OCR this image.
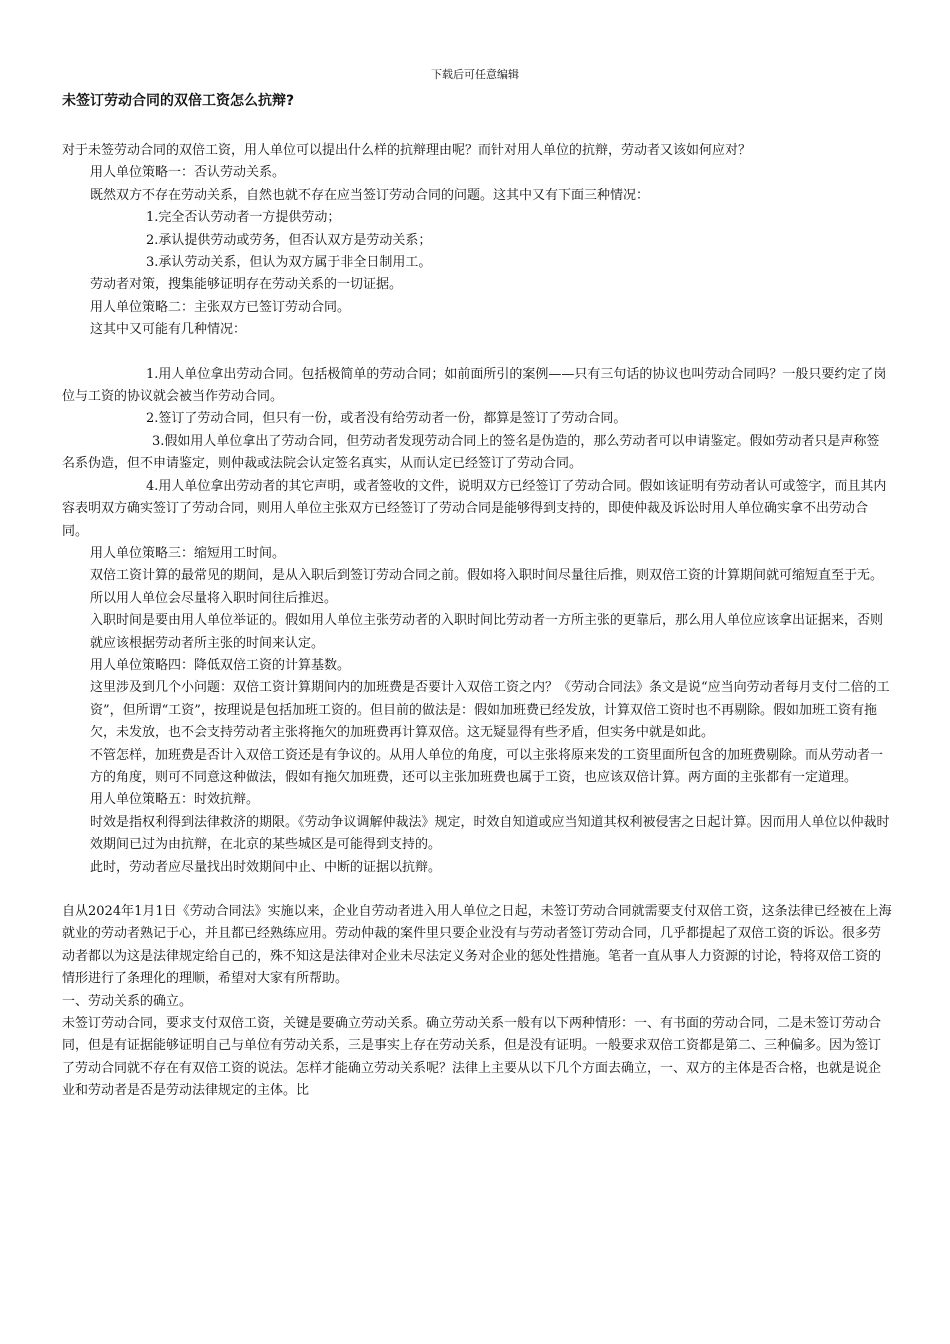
下载后可任意编辑
未签订劳动合同的双倍工资怎么抗辩?

对于未签劳动合同的双倍工资，用人单位可以提出什么样的抗辩理由呢？而针对用人单位的抗辩，劳动者又该如何应对？

用人单位策略一：否认劳动关系。

既然双方不存在劳动关系，自然也就不存在应当签订劳动合同的问题。这其中又有下面三种情况：

1.完全否认劳动者一方提供劳动；

2.承认提供劳动或劳务，但否认双方是劳动关系；

3.承认劳动关系，但认为双方属于非全日制用工。

劳动者对策，搜集能够证明存在劳动关系的一切证据。

用人单位策略二：主张双方已签订劳动合同。

这其中又可能有几种情况：

1.用人单位拿出劳动合同。包括极简单的劳动合同；如前面所引的案例——只有三句话的协议也叫劳动合同吗？一般只要约定了岗位与工资的协议就会被当作劳动合同。

2.签订了劳动合同，但只有一份，或者没有给劳动者一份，都算是签订了劳动合同。

3.假如用人单位拿出了劳动合同，但劳动者发现劳动合同上的签名是伪造的，那么劳动者可以申请鉴定。假如劳动者只是声称签名系伪造，但不申请鉴定，则仲裁或法院会认定签名真实，从而认定已经签订了劳动合同。

4.用人单位拿出劳动者的其它声明，或者签收的文件，说明双方已经签订了劳动合同。假如该证明有劳动者认可或签字，而且其内容表明双方确实签订了劳动合同，则用人单位主张双方已经签订了劳动合同是能够得到支持的，即使仲裁及诉讼时用人单位确实拿不出劳动合同。

用人单位策略三：缩短用工时间。

双倍工资计算的最常见的期间，是从入职后到签订劳动合同之前。假如将入职时间尽量往后推，则双倍工资的计算期间就可缩短直至于无。所以用人单位会尽量将入职时间往后推迟。

入职时间是要由用人单位举证的。假如用人单位主张劳动者的入职时间比劳动者一方所主张的更靠后，那么用人单位应该拿出证据来，否则就应该根据劳动者所主张的时间来认定。

用人单位策略四：降低双倍工资的计算基数。

这里涉及到几个小问题：双倍工资计算期间内的加班费是否要计入双倍工资之内？《劳动合同法》条文是说“应当向劳动者每月支付二倍的工资”，但所谓“工资”，按理说是包括加班工资的。但目前的做法是：假如加班费已经发放，计算双倍工资时也不再剔除。假如加班工资有拖欠，未发放，也不会支持劳动者主张将拖欠的加班费再计算双倍。这无疑显得有些矛盾，但实务中就是如此。

不管怎样，加班费是否计入双倍工资还是有争议的。从用人单位的角度，可以主张将原来发的工资里面所包含的加班费剔除。而从劳动者一方的角度，则可不同意这种做法，假如有拖欠加班费，还可以主张加班费也属于工资，也应该双倍计算。两方面的主张都有一定道理。

用人单位策略五：时效抗辩。

时效是指权利得到法律救济的期限。《劳动争议调解仲裁法》规定，时效自知道或应当知道其权利被侵害之日起计算。因而用人单位以仲裁时效期间已过为由抗辩，在北京的某些城区是可能得到支持的。

此时，劳动者应尽量找出时效期间中止、中断的证据以抗辩。

自从2024年1月1日《劳动合同法》实施以来，企业自劳动者进入用人单位之日起，未签订劳动合同就需要支付双倍工资，这条法律已经被在上海就业的劳动者熟记于心，并且都已经熟练应用。劳动仲裁的案件里只要企业没有与劳动者签订劳动合同，几乎都提起了双倍工资的诉讼。很多劳动者都以为这是法律规定给自己的，殊不知这是法律对企业未尽法定义务对企业的惩处性措施。笔者一直从事人力资源的讨论，特将双倍工资的情形进行了条理化的理顺，希望对大家有所帮助。

一、劳动关系的确立。

未签订劳动合同，要求支付双倍工资，关键是要确立劳动关系。确立劳动关系一般有以下两种情形：一、有书面的劳动合同，二是未签订劳动合同，但是有证据能够证明自己与单位有劳动关系，三是事实上存在劳动关系，但是没有证明。一般要求双倍工资都是第二、三种偏多。因为签订了劳动合同就不存在有双倍工资的说法。怎样才能确立劳动关系呢？法律上主要从以下几个方面去确立，一、双方的主体是否合格，也就是说企业和劳动者是否是劳动法律规定的主体。比
